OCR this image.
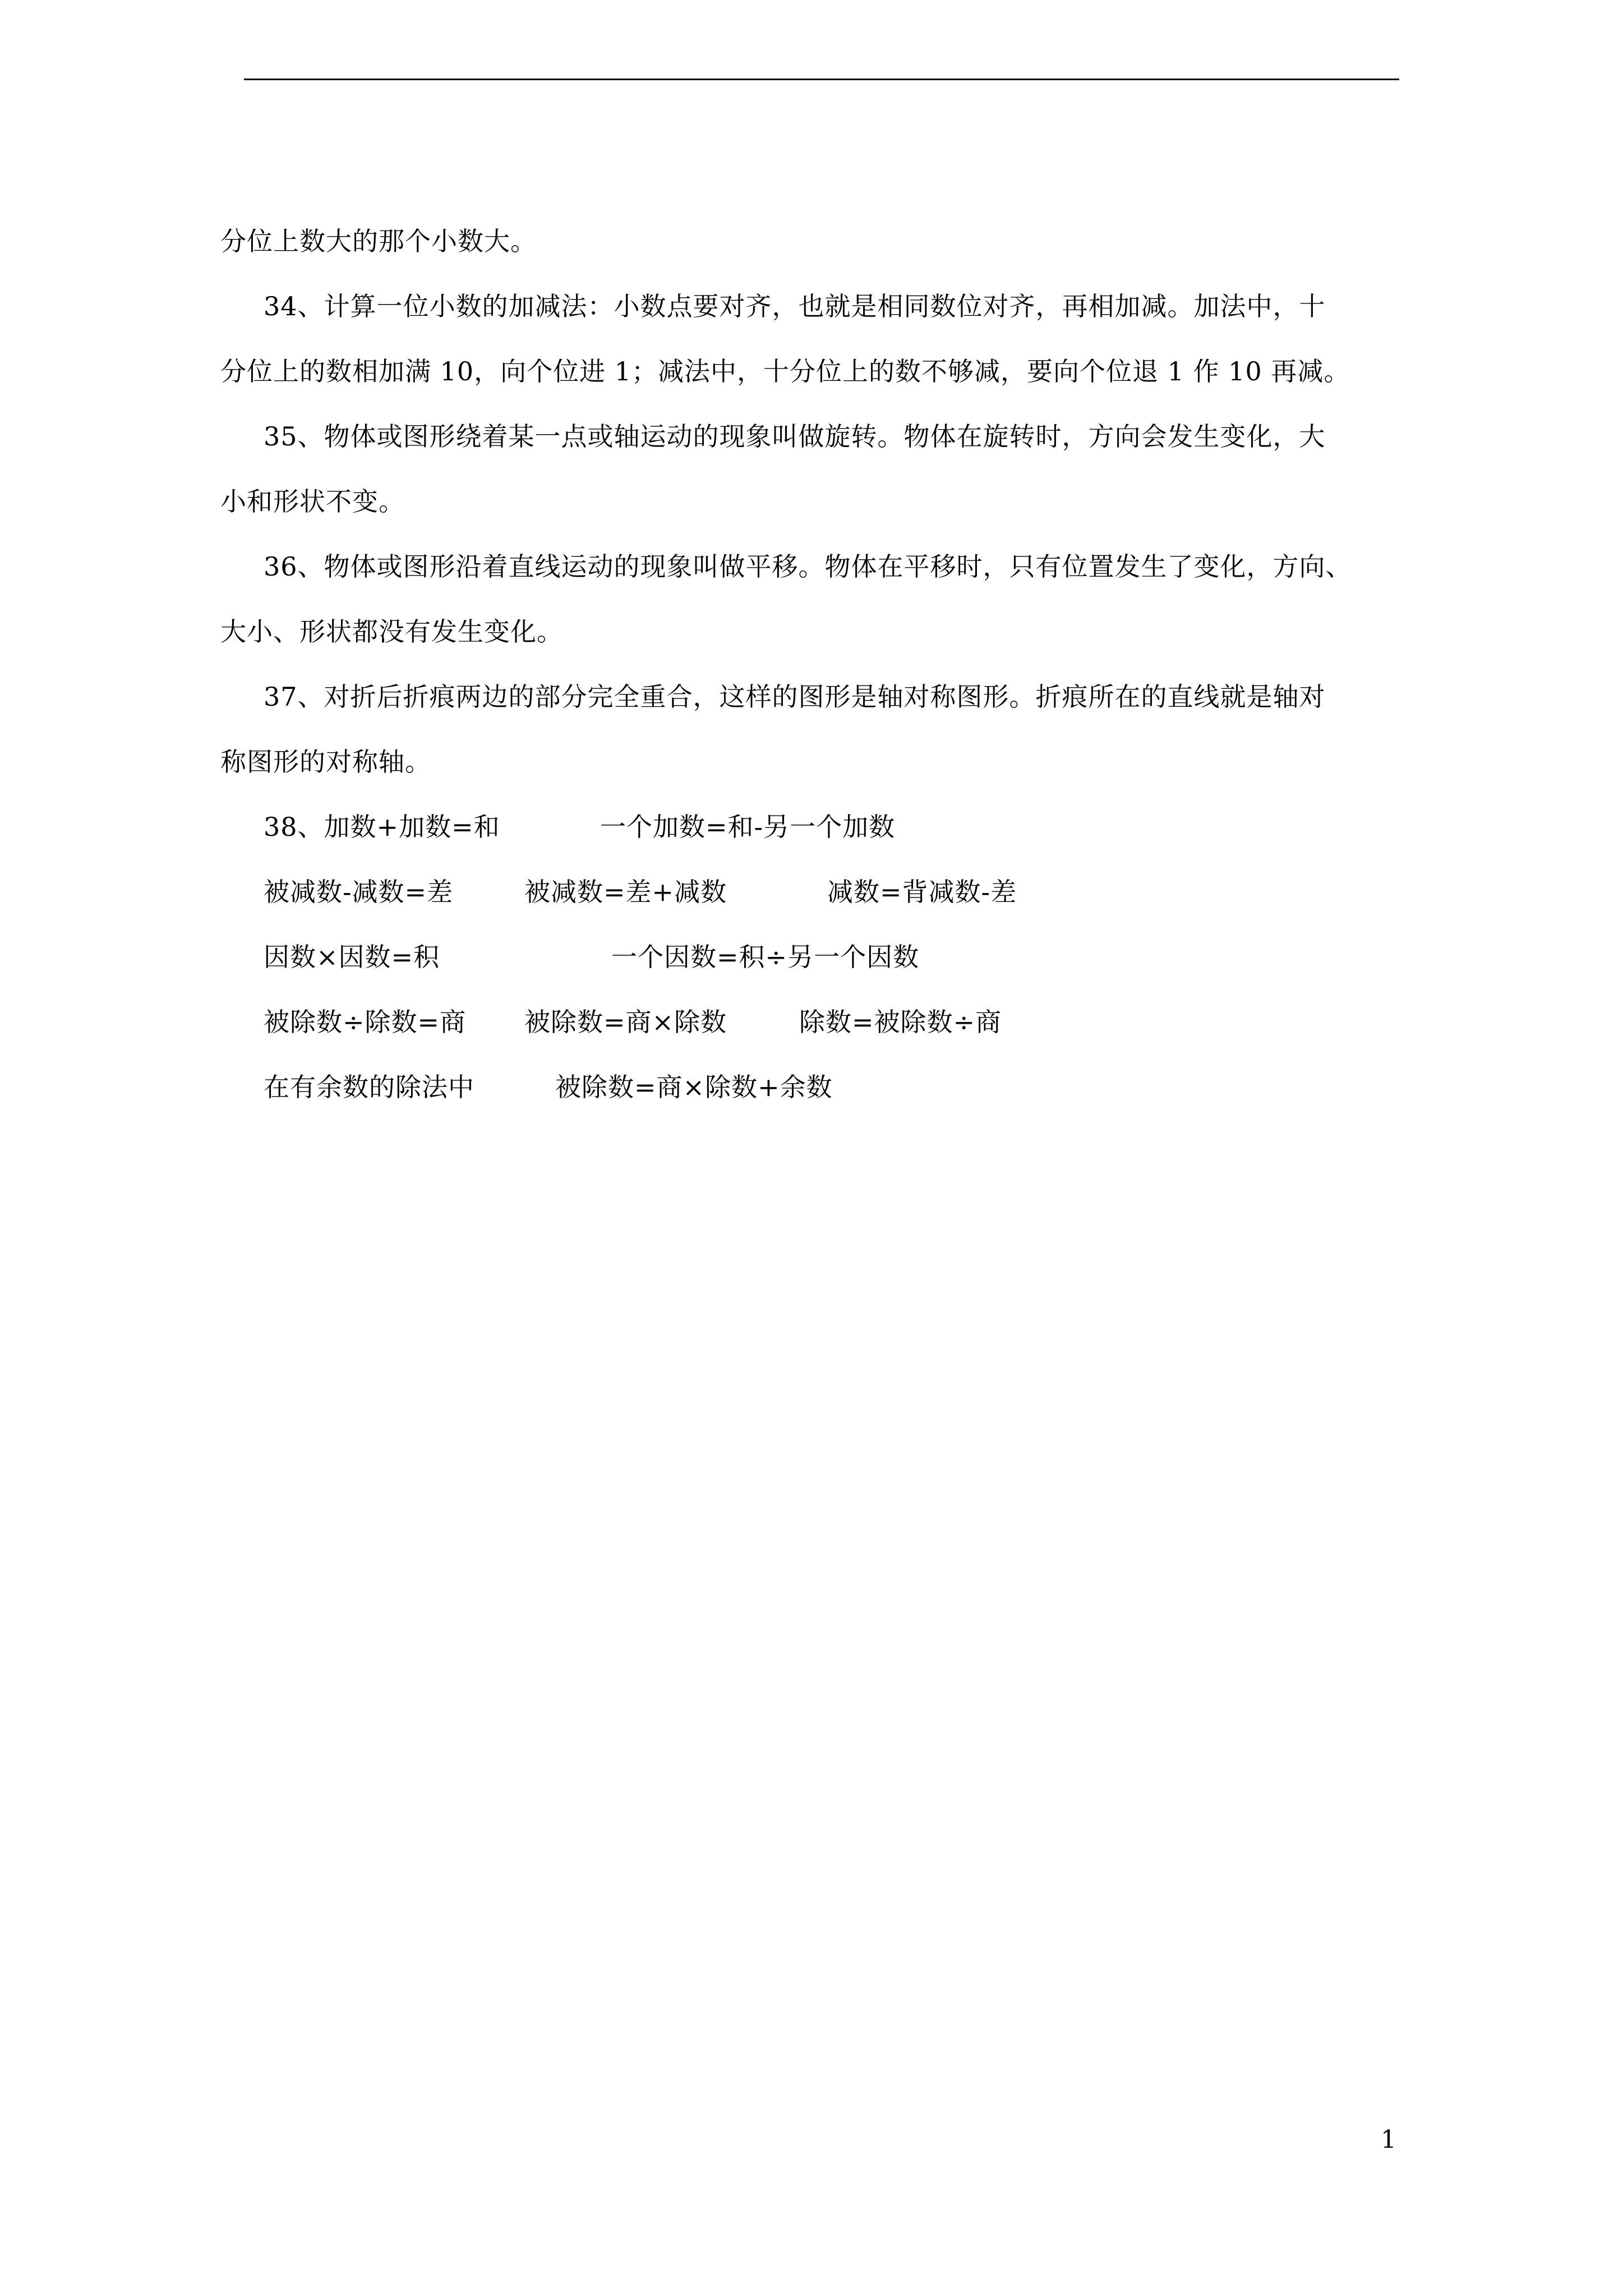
分位上数大的那个小数大。
34、计算一位小数的加减法：小数点要对齐，也就是相同数位对齐，再相加减。加法中，十
分位上的数相加满 10，向个位进 1；减法中，十分位上的数不够减，要向个位退 1 作 10 再减。
35、物体或图形绕着某一点或轴运动的现象叫做旋转。物体在旋转时，方向会发生变化，大
小和形状不变。
36、物体或图形沿着直线运动的现象叫做平移。物体在平移时，只有位置发生了变化，方向、
大小、形状都没有发生变化。
37、对折后折痕两边的部分完全重合，这样的图形是轴对称图形。折痕所在的直线就是轴对
称图形的对称轴。
38、加数+加数=和	一个加数=和-另一个加数
被减数-减数=差	被减数=差+减数	减数=背减数-差
因数×因数=积	一个因数=积÷另一个因数
被除数÷除数=商 被除数=商×除数	除数=被除数÷商
在有余数的除法中	被除数=商×除数+余数
1
